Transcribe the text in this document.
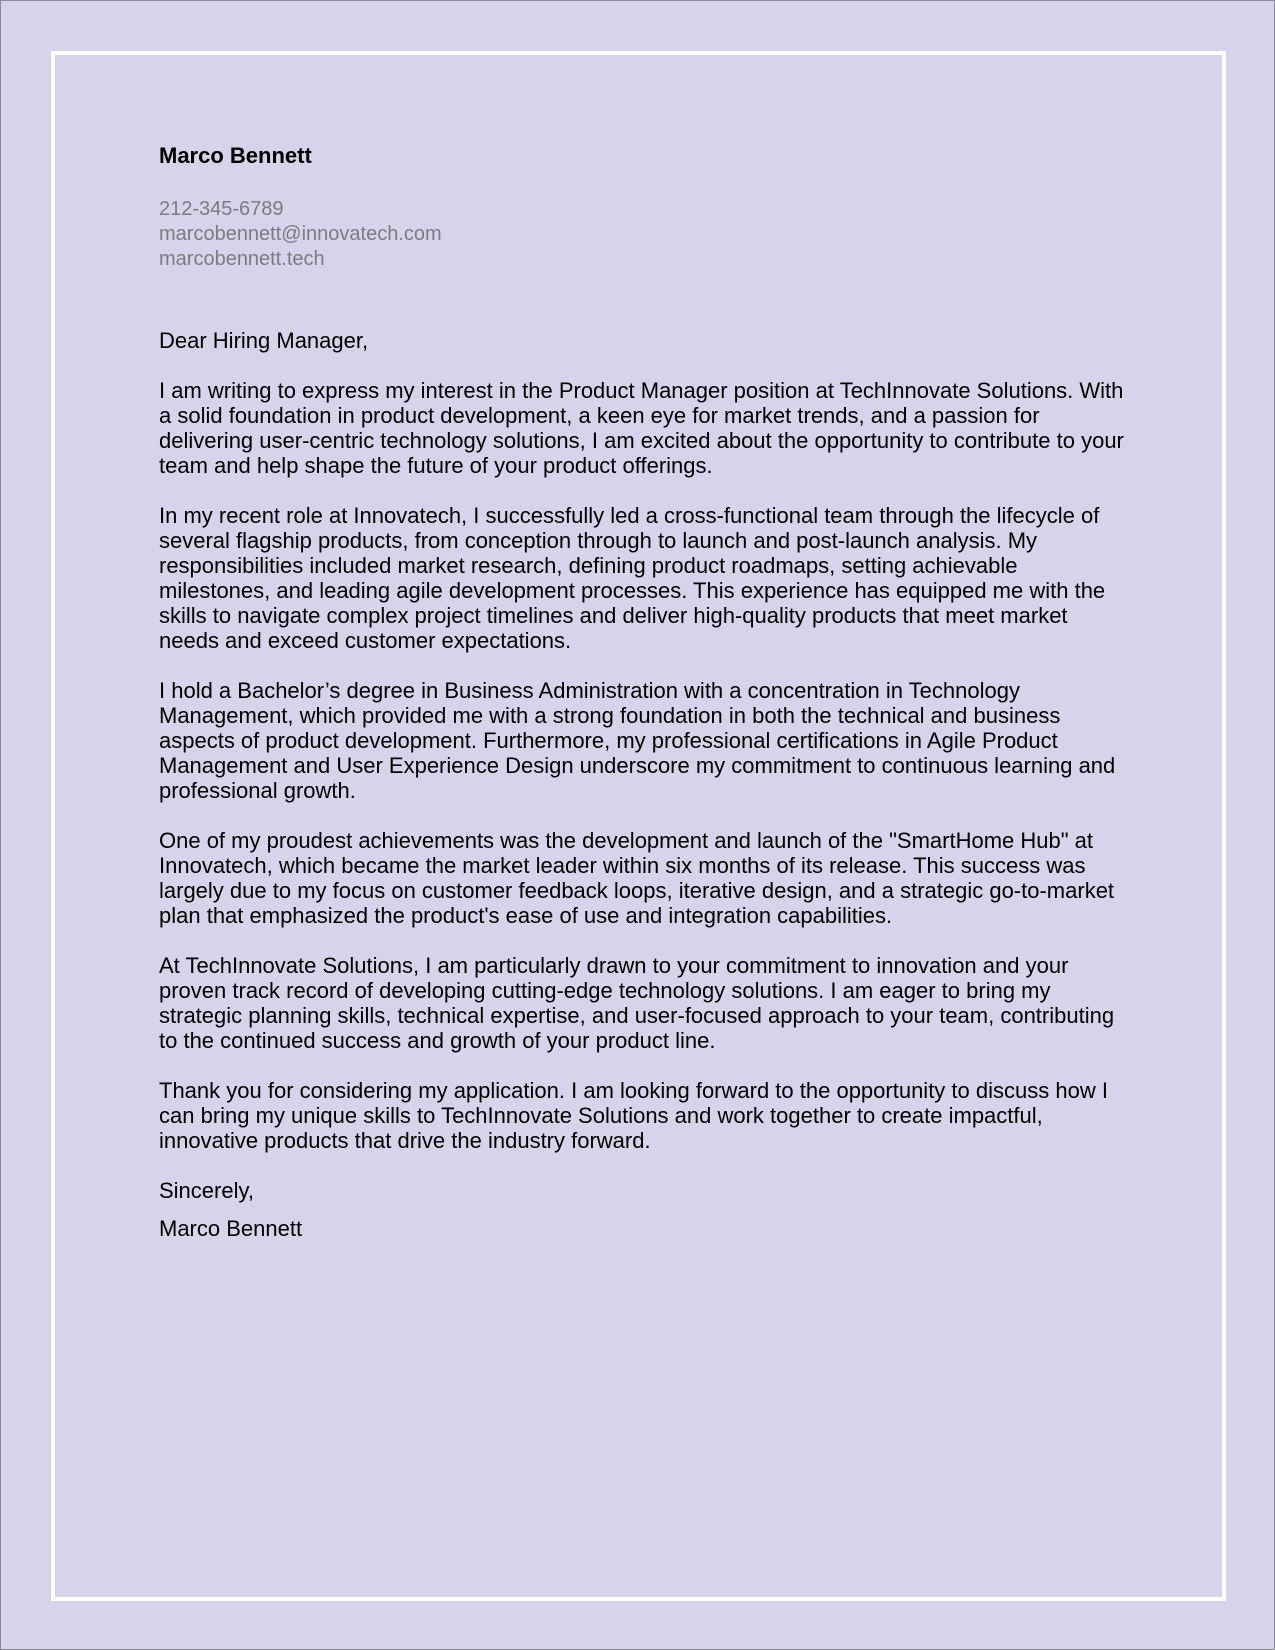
Marco Bennett

212-345-6789

marcobennett@innovatech.com

marcobennett.tech

Dear Hiring Manager,

I am writing to express my interest in the Product Manager position at TechInnovate Solutions. With a solid foundation in product development, a keen eye for market trends, and a passion for delivering user-centric technology solutions, I am excited about the opportunity to contribute to your team and help shape the future of your product offerings.

In my recent role at Innovatech, I successfully led a cross-functional team through the lifecycle of several flagship products, from conception through to launch and post-launch analysis. My responsibilities included market research, defining product roadmaps, setting achievable milestones, and leading agile development processes. This experience has equipped me with the skills to navigate complex project timelines and deliver high-quality products that meet market needs and exceed customer expectations.

I hold a Bachelor’s degree in Business Administration with a concentration in Technology Management, which provided me with a strong foundation in both the technical and business aspects of product development. Furthermore, my professional certifications in Agile Product Management and User Experience Design underscore my commitment to continuous learning and professional growth.

One of my proudest achievements was the development and launch of the "SmartHome Hub" at Innovatech, which became the market leader within six months of its release. This success was largely due to my focus on customer feedback loops, iterative design, and a strategic go-to-market plan that emphasized the product's ease of use and integration capabilities.

At TechInnovate Solutions, I am particularly drawn to your commitment to innovation and your proven track record of developing cutting-edge technology solutions. I am eager to bring my strategic planning skills, technical expertise, and user-focused approach to your team, contributing to the continued success and growth of your product line.

Thank you for considering my application. I am looking forward to the opportunity to discuss how I can bring my unique skills to TechInnovate Solutions and work together to create impactful, innovative products that drive the industry forward.

Sincerely,

Marco Bennett
